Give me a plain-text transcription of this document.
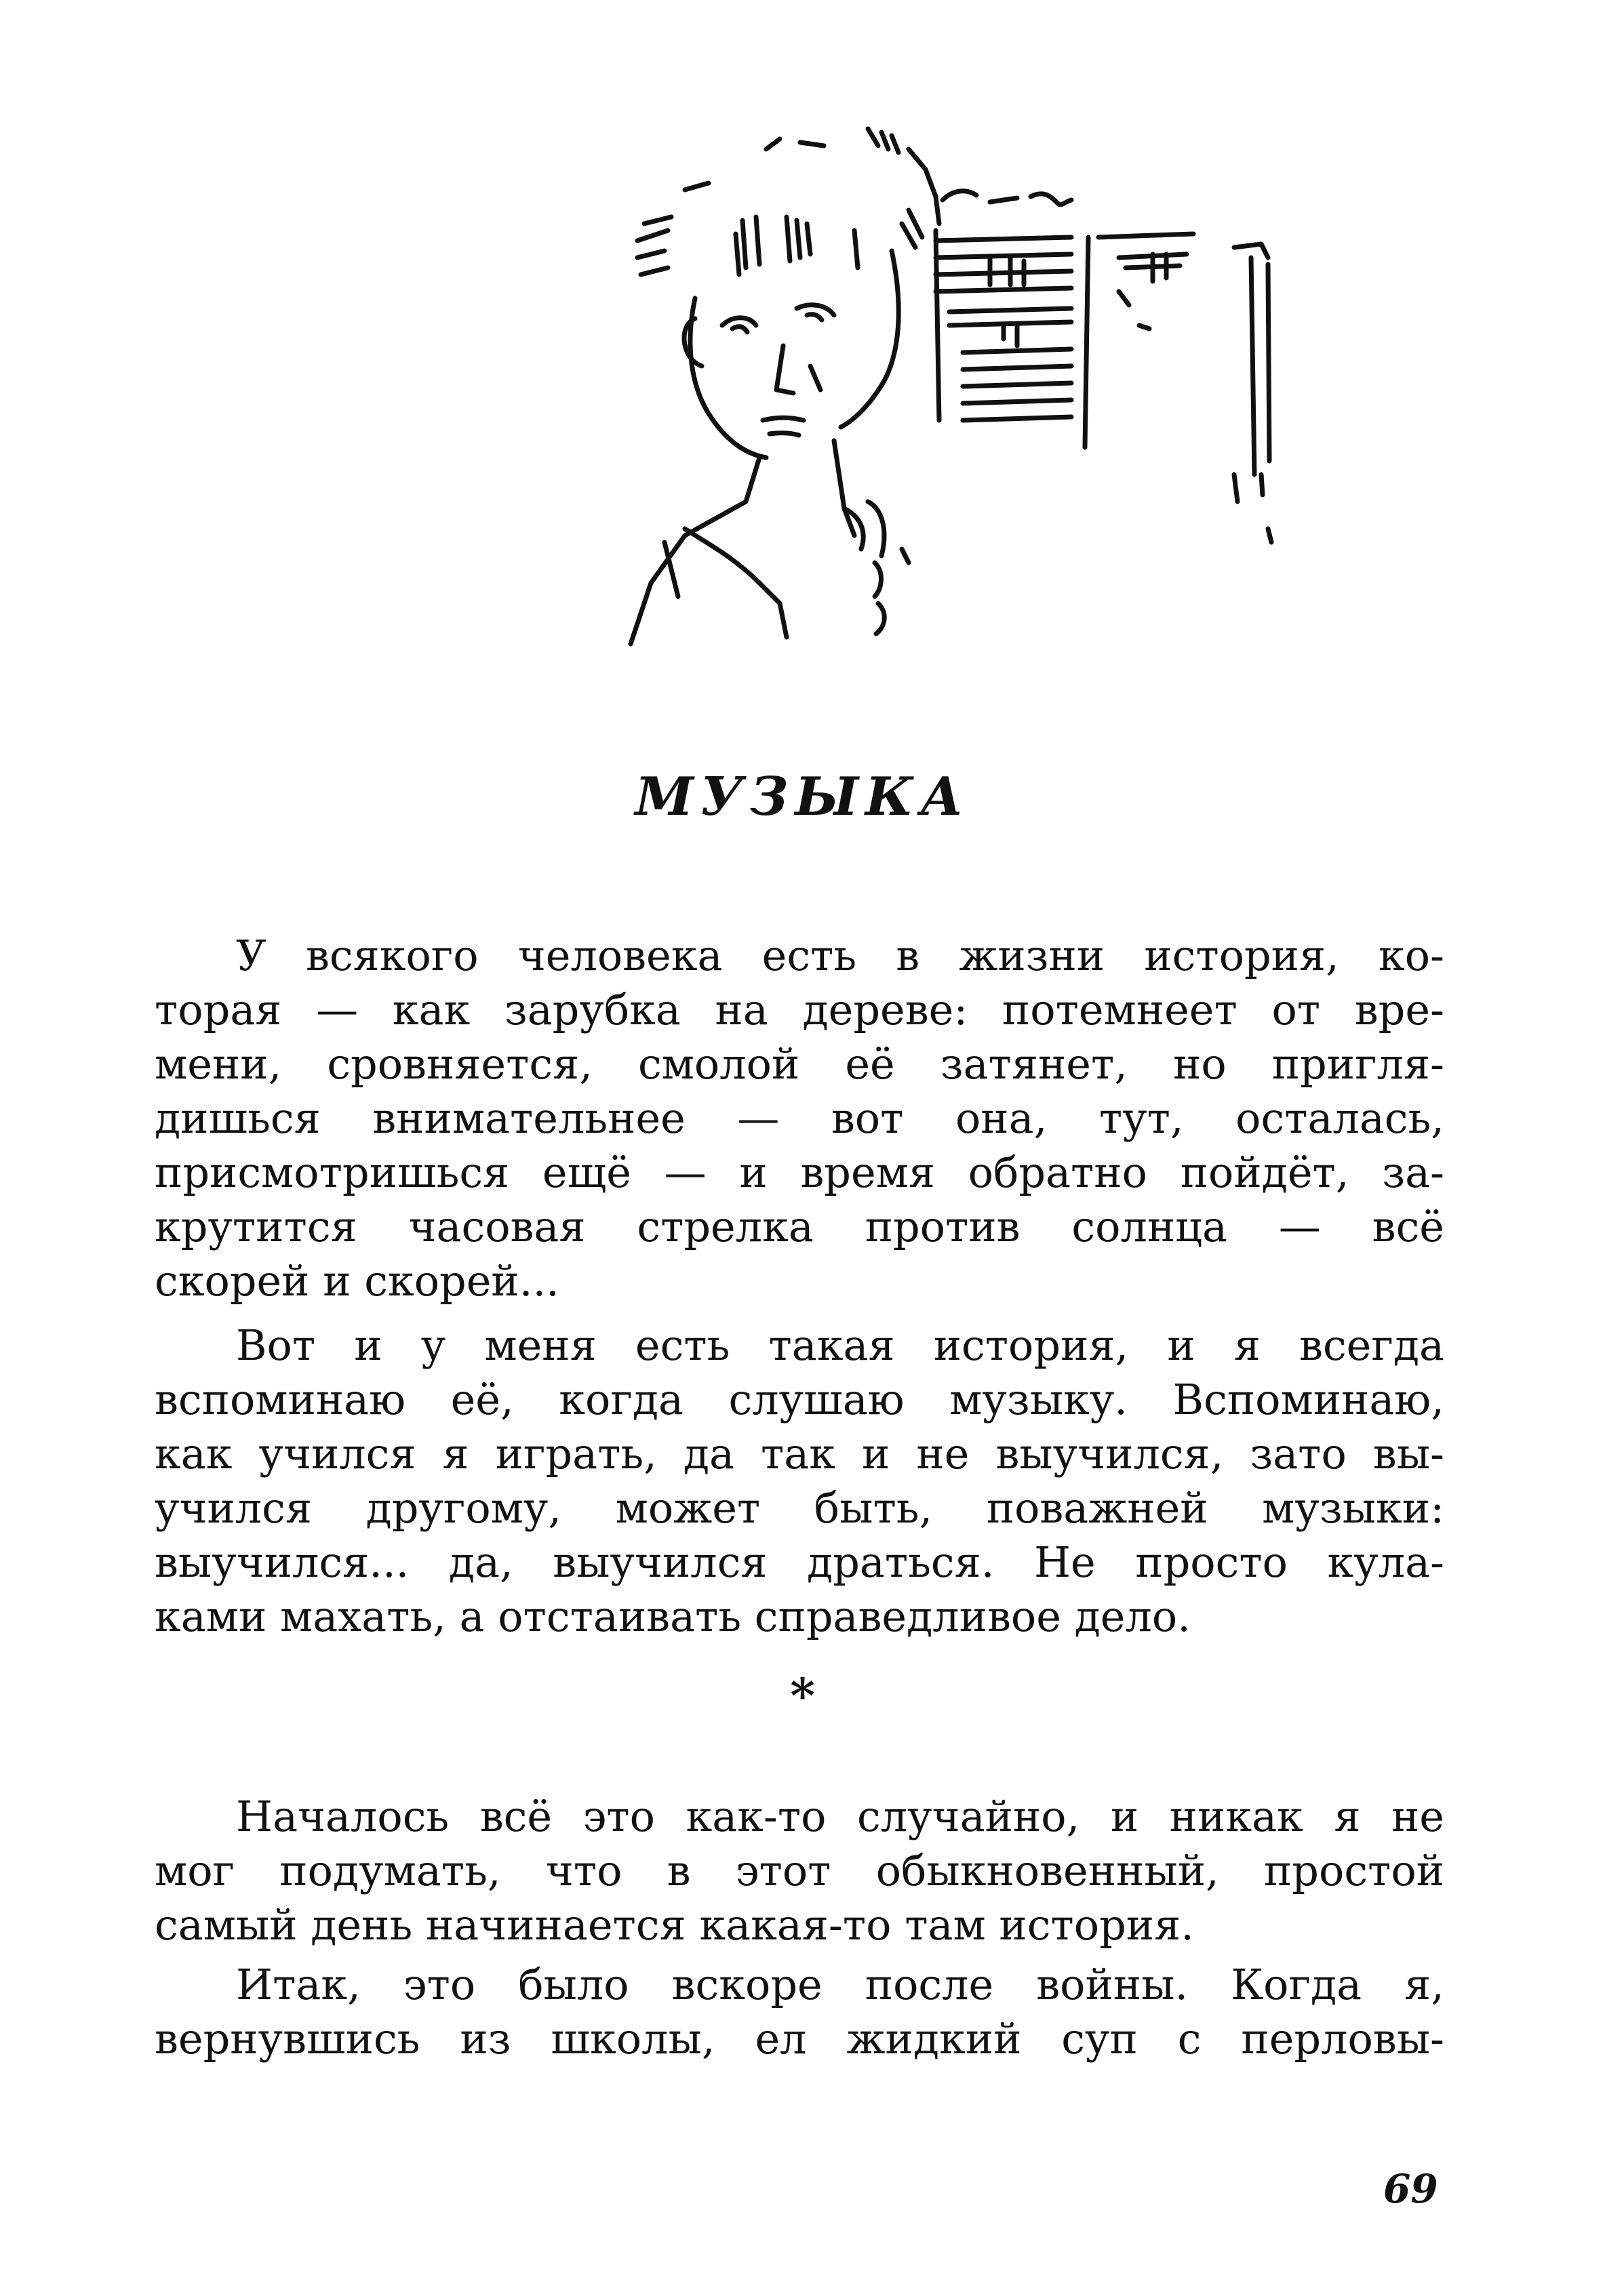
МУЗЫКА
У всякого человека есть в жизни история, ко-
торая — как зарубка на дереве: потемнеет от вре-
мени, сровняется, смолой её затянет, но пригля-
дишься внимательнее — вот она, тут, осталась,
присмотришься ещё — и время обратно пойдёт, за-
крутится часовая стрелка против солнца — всё
скорей и скорей...
Вот и у меня есть такая история, и я всегда
вспоминаю её, когда слушаю музыку. Вспоминаю,
как учился я играть, да так и не выучился, зато вы-
учился другому, может быть, поважней музыки:
выучился... да, выучился драться. Не просто кула-
ками махать, а отстаивать справедливое дело.
*
Началось всё это как-то случайно, и никак я не
мог подумать, что в этот обыкновенный, простой
самый день начинается какая-то там история.
Итак, это было вскоре после войны. Когда я,
вернувшись из школы, ел жидкий суп с перловы-
69
